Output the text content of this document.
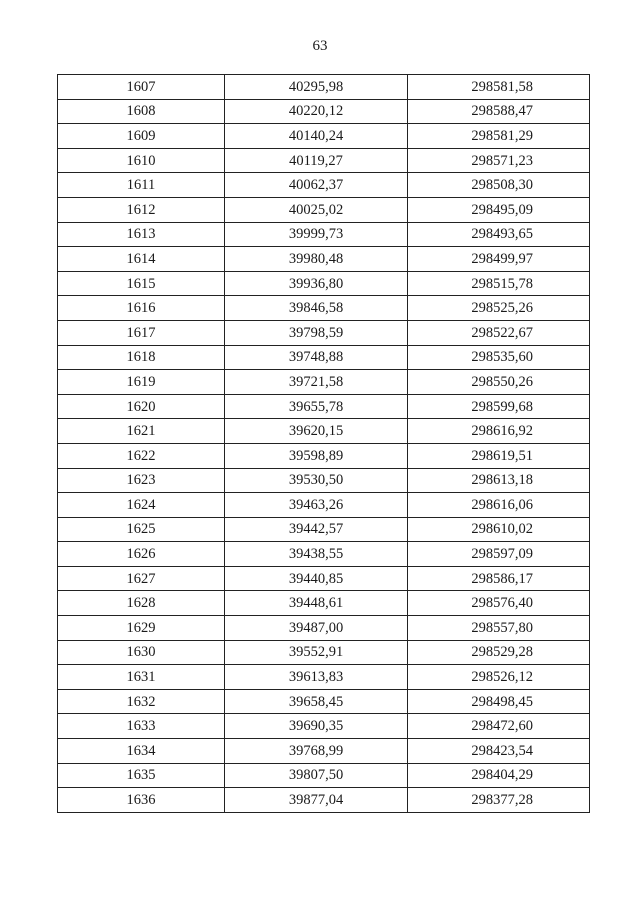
63
1607	40295,98	298581,58
1608	40220,12	298588,47
1609	40140,24	298581,29
1610	40119,27	298571,23
1611	40062,37	298508,30
1612	40025,02	298495,09
1613	39999,73	298493,65
1614	39980,48	298499,97
1615	39936,80	298515,78
1616	39846,58	298525,26
1617	39798,59	298522,67
1618	39748,88	298535,60
1619	39721,58	298550,26
1620	39655,78	298599,68
1621	39620,15	298616,92
1622	39598,89	298619,51
1623	39530,50	298613,18
1624	39463,26	298616,06
1625	39442,57	298610,02
1626	39438,55	298597,09
1627	39440,85	298586,17
1628	39448,61	298576,40
1629	39487,00	298557,80
1630	39552,91	298529,28
1631	39613,83	298526,12
1632	39658,45	298498,45
1633	39690,35	298472,60
1634	39768,99	298423,54
1635	39807,50	298404,29
1636	39877,04	298377,28
